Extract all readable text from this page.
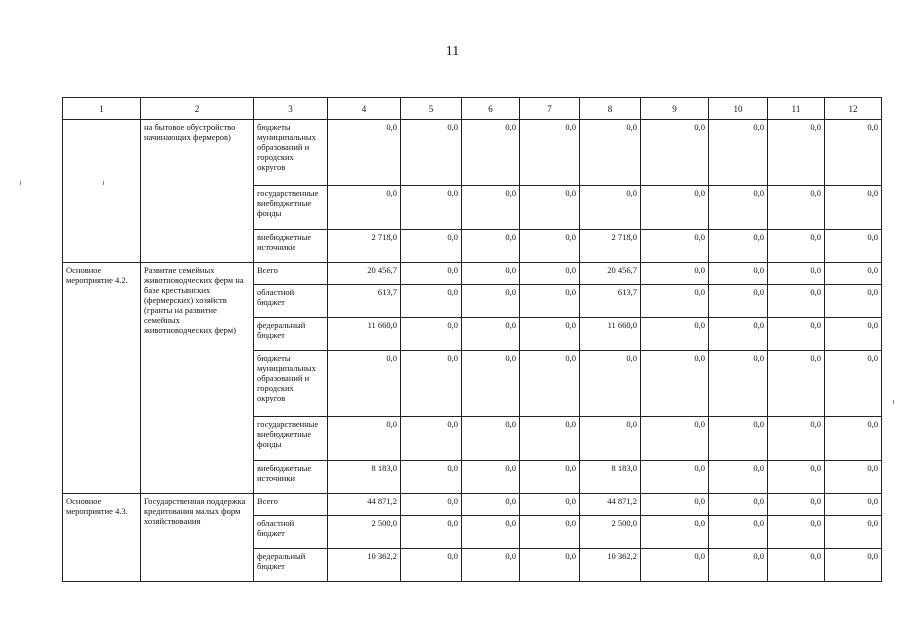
11
1	2	3	4	5	6	7	8	9	10	11	12
	на бытовое обустройство начинающих фермеров)	бюджеты муниципальных образований и городских округов	0,0	0,0	0,0	0,0	0,0	0,0	0,0	0,0	0,0
		государственные внебюджетные фонды	0,0	0,0	0,0	0,0	0,0	0,0	0,0	0,0	0,0
		внебюджетные источники	2 718,0	0,0	0,0	0,0	2 718,0	0,0	0,0	0,0	0,0
Основное мероприятие 4.2.	Развитие семейных животноводческих ферм на базе крестьянских (фермерских) хозяйств (гранты на развитие семейных животноводческих ферм)	Всего	20 456,7	0,0	0,0	0,0	20 456,7	0,0	0,0	0,0	0,0
		областной бюджет	613,7	0,0	0,0	0,0	613,7	0,0	0,0	0,0	0,0
		федеральный бюджет	11 660,0	0,0	0,0	0,0	11 660,0	0,0	0,0	0,0	0,0
		бюджеты муниципальных образований и городских округов	0,0	0,0	0,0	0,0	0,0	0,0	0,0	0,0	0,0
		государственные внебюджетные фонды	0,0	0,0	0,0	0,0	0,0	0,0	0,0	0,0	0,0
		внебюджетные источники	8 183,0	0,0	0,0	0,0	8 183,0	0,0	0,0	0,0	0,0
Основное мероприятие 4.3.	Государственная поддержка кредитования малых форм хозяйствования	Всего	44 871,2	0,0	0,0	0,0	44 871,2	0,0	0,0	0,0	0,0
		областной бюджет	2 500,0	0,0	0,0	0,0	2 500,0	0,0	0,0	0,0	0,0
		федеральный бюджет	10 362,2	0,0	0,0	0,0	10 362,2	0,0	0,0	0,0	0,0
